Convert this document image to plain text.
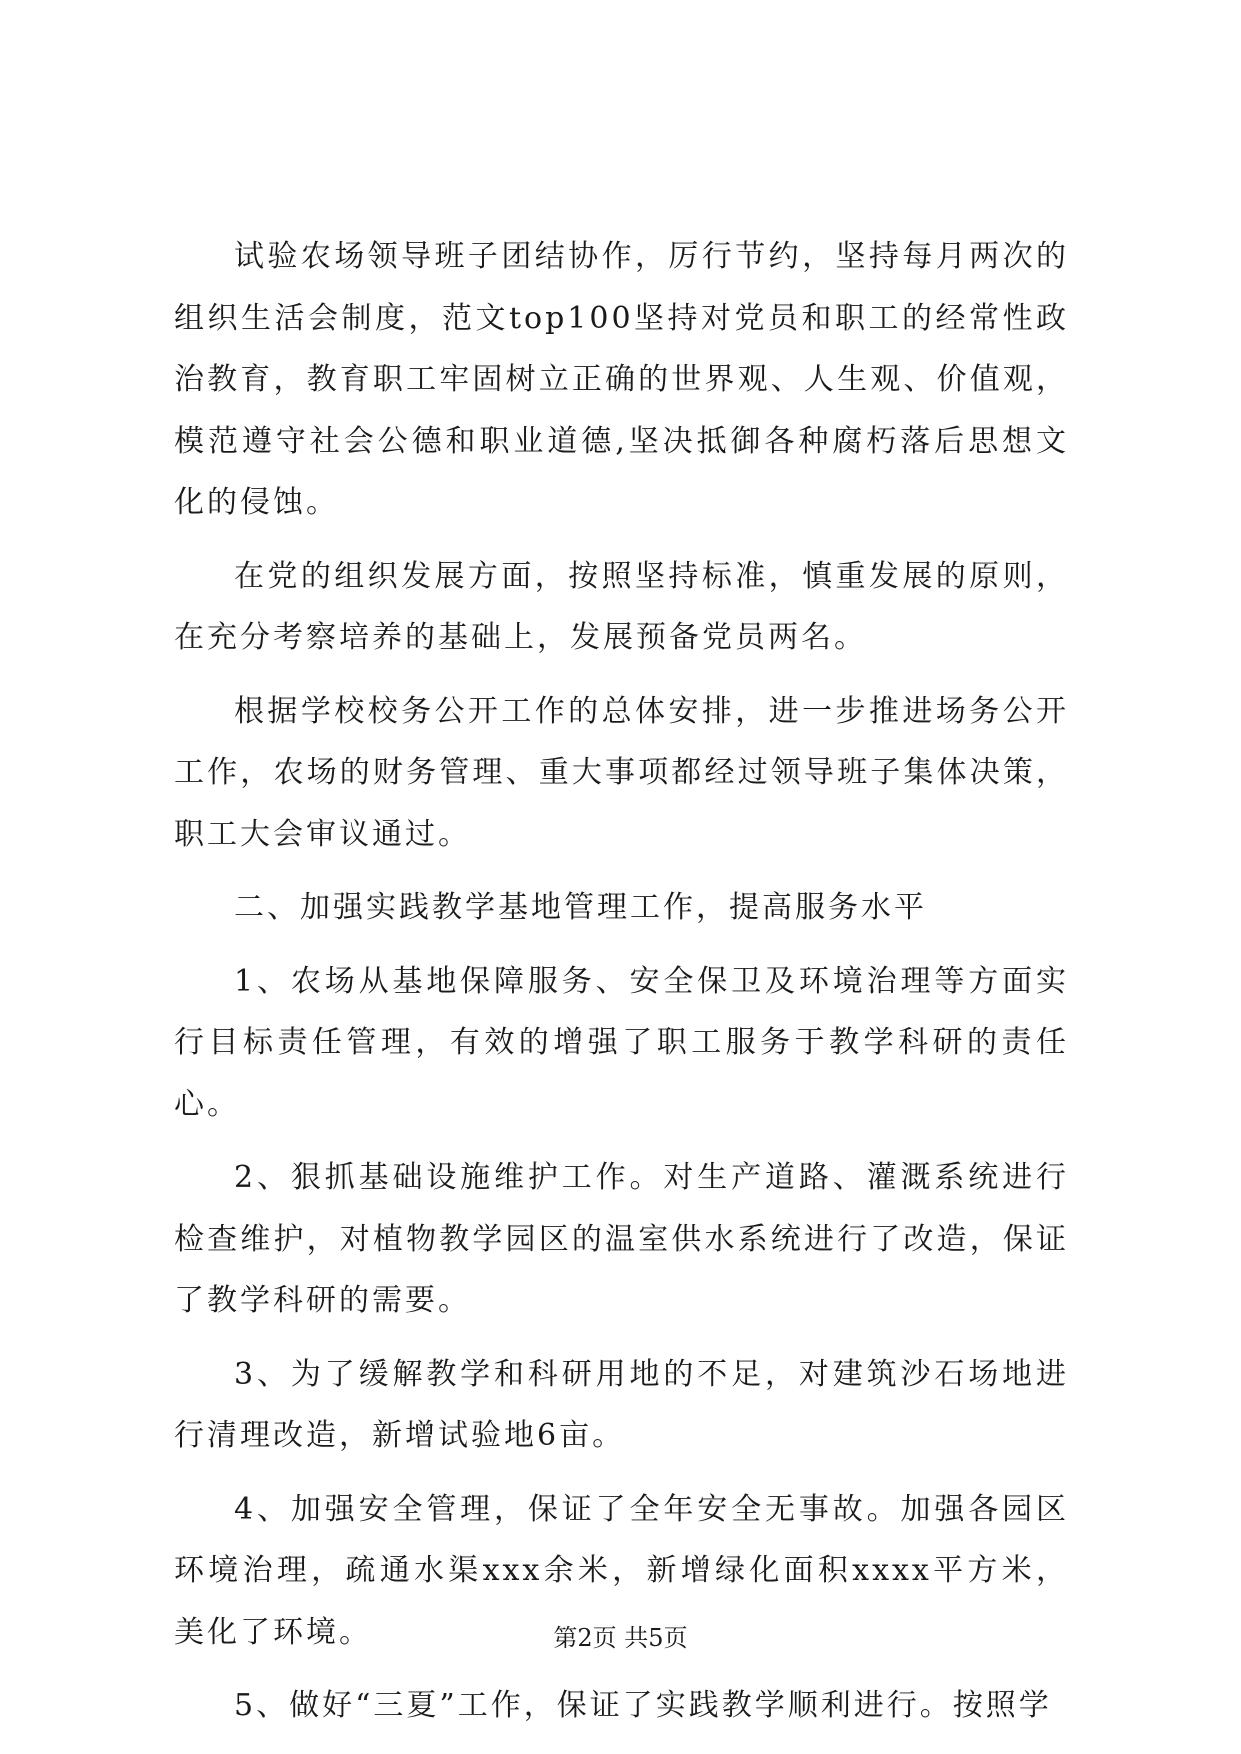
试验农场领导班子团结协作，厉行节约，坚持每月两次的组织生活会制度，范文top100坚持对党员和职工的经常性政治教育，教育职工牢固树立正确的世界观、人生观、价值观，模范遵守社会公德和职业道德,坚决抵御各种腐朽落后思想文化的侵蚀。

在党的组织发展方面，按照坚持标准，慎重发展的原则，在充分考察培养的基础上，发展预备党员两名。

根据学校校务公开工作的总体安排，进一步推进场务公开工作，农场的财务管理、重大事项都经过领导班子集体决策，职工大会审议通过。

二、加强实践教学基地管理工作，提高服务水平

1、农场从基地保障服务、安全保卫及环境治理等方面实行目标责任管理，有效的增强了职工服务于教学科研的责任心。

2、狠抓基础设施维护工作。对生产道路、灌溉系统进行检查维护，对植物教学园区的温室供水系统进行了改造，保证了教学科研的需要。

3、为了缓解教学和科研用地的不足，对建筑沙石场地进行清理改造，新增试验地6亩。

4、加强安全管理，保证了全年安全无事故。加强各园区环境治理，疏通水渠xxx余米，新增绿化面积xxxx平方米，美化了环境。

5、做好“三夏”工作，保证了实践教学顺利进行。按照学

第2页 共5页
